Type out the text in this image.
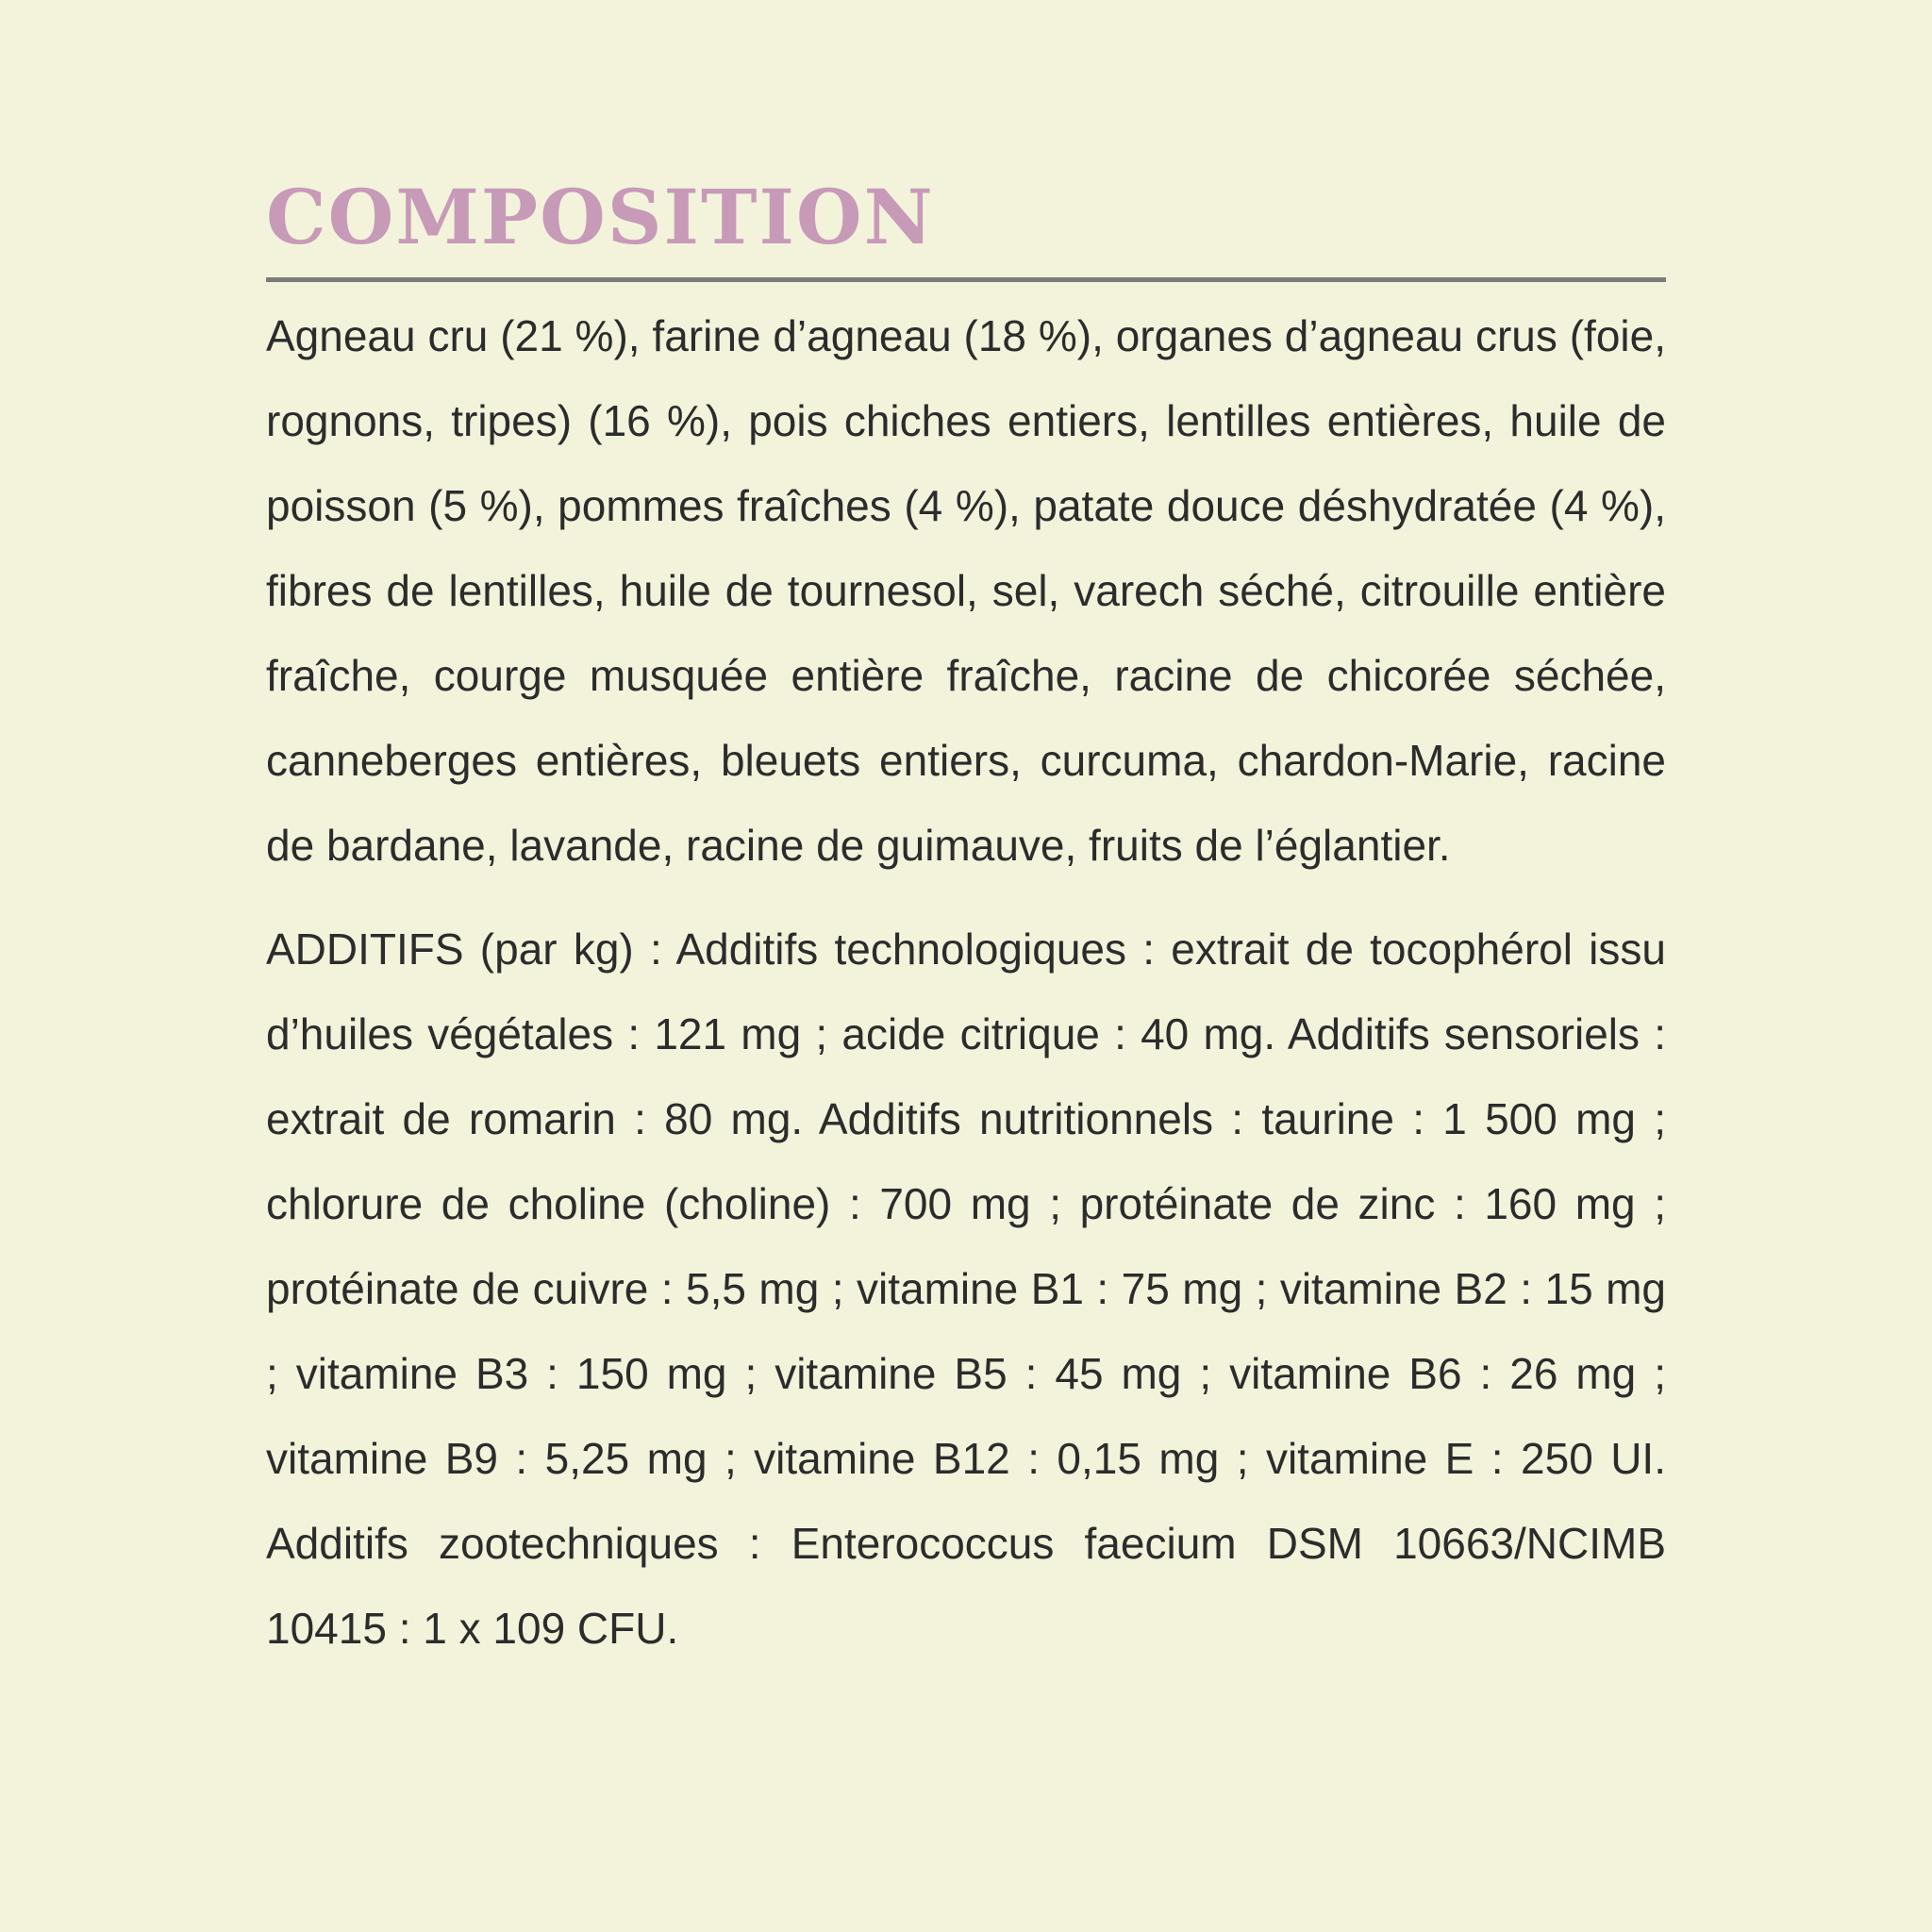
COMPOSITION

Agneau cru (21 %), farine d’agneau (18 %), organes d’agneau crus (foie, rognons, tripes) (16 %), pois chiches entiers, lentilles entières, huile de poisson (5 %), pommes fraîches (4 %), patate douce déshydratée (4 %), fibres de lentilles, huile de tournesol, sel, varech séché, citrouille entière fraîche, courge musquée entière fraîche, racine de chicorée séchée, canneberges entières, bleuets entiers, curcuma, chardon-Marie, racine de bardane, lavande, racine de guimauve, fruits de l’églantier.

ADDITIFS (par kg) : Additifs technologiques : extrait de tocophérol issu d’huiles végétales : 121 mg ; acide citrique : 40 mg. Additifs sensoriels : extrait de romarin : 80 mg. Additifs nutritionnels : taurine : 1 500 mg ; chlorure de choline (choline) : 700 mg ; protéinate de zinc : 160 mg ; protéinate de cuivre : 5,5 mg ; vitamine B1 : 75 mg ; vitamine B2 : 15 mg ; vitamine B3 : 150 mg ; vitamine B5 : 45 mg ; vitamine B6 : 26 mg ; vitamine B9 : 5,25 mg ; vitamine B12 : 0,15 mg ; vitamine E : 250 UI. Additifs zootechniques : Enterococcus faecium DSM 10663/NCIMB 10415 : 1 x 109 CFU.
